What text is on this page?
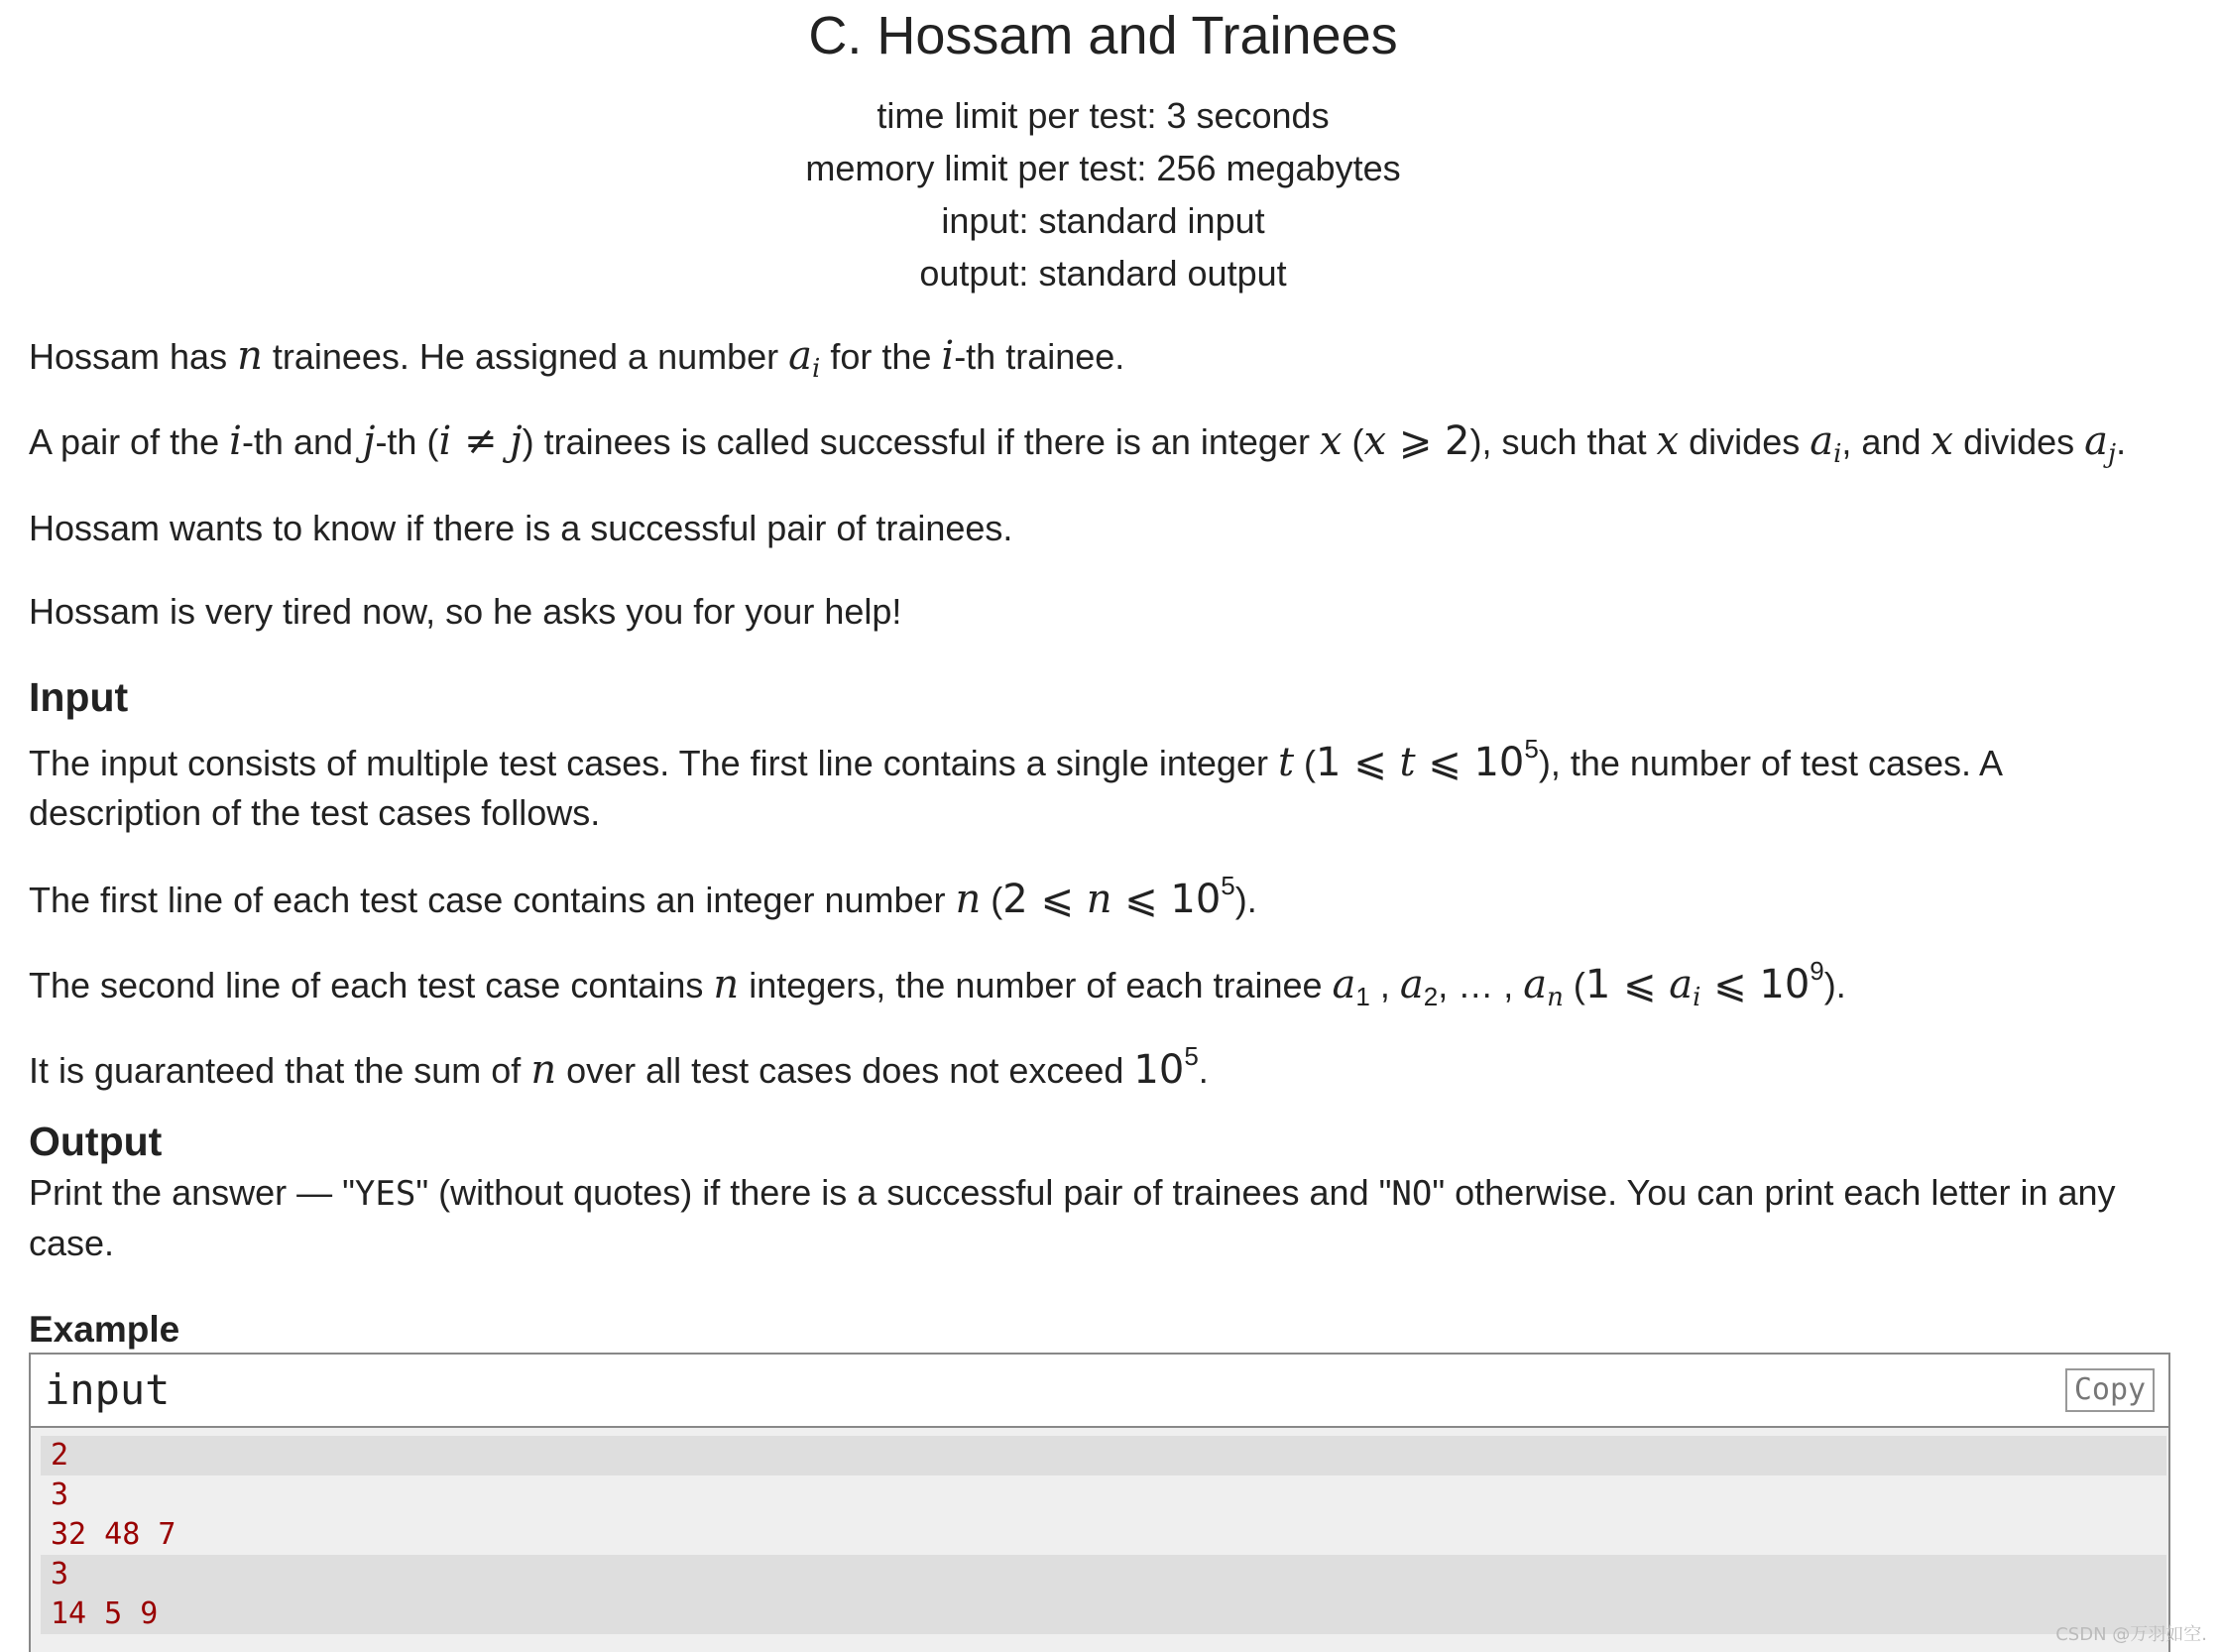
C. Hossam and Trainees
time limit per test: 3 seconds
memory limit per test: 256 megabytes
input: standard input
output: standard output
Hossam has n trainees. He assigned a number $a_i$ for the i-th trainee.
A pair of the i-th and j-th (i ≠ j) trainees is called successful if there is an integer x (x ⩾ 2), such that x divides $a_i$, and x divides $a_j$.
Hossam wants to know if there is a successful pair of trainees.
Hossam is very tired now, so he asks you for your help!
Input
The input consists of multiple test cases. The first line contains a single integer t (1 ⩽ t ⩽ $10^5$), the number of test cases. A description of the test cases follows.
The first line of each test case contains an integer number n (2 ⩽ n ⩽ $10^5$).
The second line of each test case contains n integers, the number of each trainee $a_1$ , $a_2$, … , $a_n$ (1 ⩽ $a_i$ ⩽ $10^9$).
It is guaranteed that the sum of n over all test cases does not exceed $10^5$.
Output
Print the answer — "YES" (without quotes) if there is a successful pair of trainees and "NO" otherwise. You can print each letter in any case.
Example
input	Copy
2
3
32 48 7
3
14 5 9
CSDN @万羽如空.
